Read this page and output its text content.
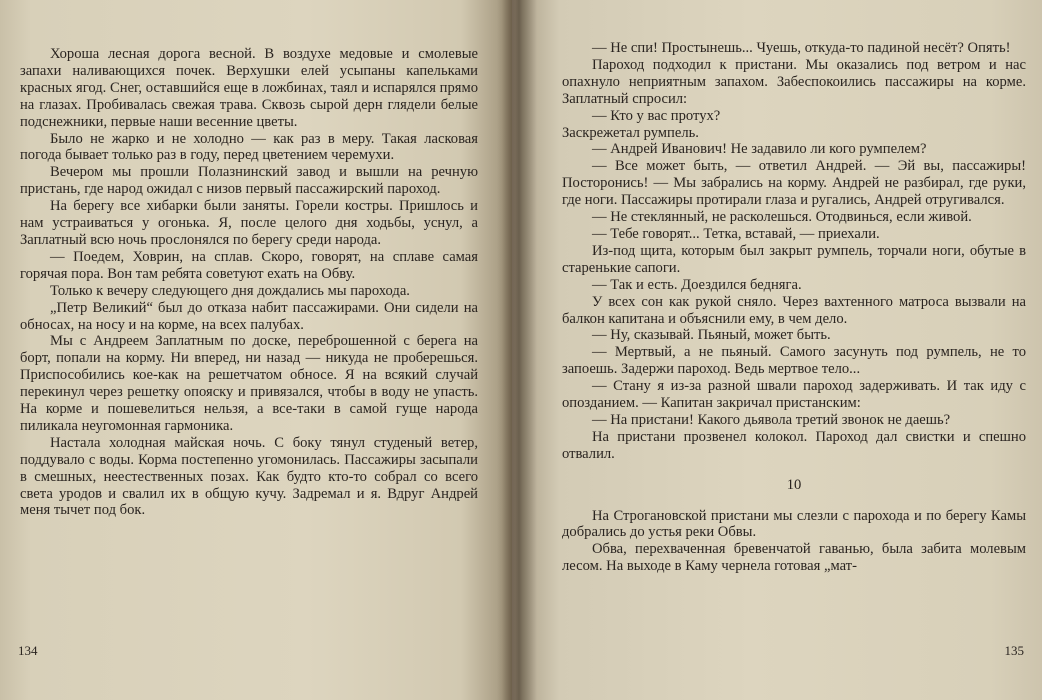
Хороша лесная дорога весной. В воздухе медовые и смолевые запахи наливающихся почек. Верхушки елей усыпаны капельками красных ягод. Снег, оставшийся еще в ложбинах, таял и испарялся прямо на глазах. Пробивалась свежая трава. Сквозь сырой дерн глядели белые подснежники, первые наши весенние цветы.

Было не жарко и не холодно — как раз в меру. Такая ласковая погода бывает только раз в году, перед цветением черемухи.

Вечером мы прошли Полазнинский завод и вышли на речную пристань, где народ ожидал с низов первый пассажирский пароход.

На берегу все хибарки были заняты. Горели костры. Пришлось и нам устраиваться у огонька. Я, после целого дня ходьбы, уснул, а Заплатный всю ночь прослонялся по берегу среди народа.

— Поедем, Ховрин, на сплав. Скоро, говорят, на сплаве самая горячая пора. Вон там ребята советуют ехать на Обву.

Только к вечеру следующего дня дождались мы парохода.

„Петр Великий“ был до отказа набит пассажирами. Они сидели на обносах, на носу и на корме, на всех палубах.

Мы с Андреем Заплатным по доске, переброшенной с берега на борт, попали на корму. Ни вперед, ни назад — никуда не проберешься. Приспособились кое-как на решетчатом обносе. Я на всякий случай перекинул через решетку опояску и привязался, чтобы в воду не упасть. На корме и пошевелиться нельзя, а все-таки в самой гуще народа пиликала неугомонная гармоника.

Настала холодная майская ночь. С боку тянул студеный ветер, поддувало с воды. Корма постепенно угомонилась. Пассажиры засыпали в смешных, неестественных позах. Как будто кто-то собрал со всего света уродов и свалил их в общую кучу. Задремал и я. Вдруг Андрей меня тычет под бок.

134

— Не спи! Простынешь... Чуешь, откуда-то падиной несёт? Опять!

Пароход подходил к пристани. Мы оказались под ветром и нас опахнуло неприятным запахом. Забеспокоились пассажиры на корме. Заплатный спросил:

— Кто у вас протух?

Заскрежетал румпель.

— Андрей Иванович! Не задавило ли кого румпелем?

— Все может быть, — ответил Андрей. — Эй вы, пассажиры! Посторонись! — Мы забрались на корму. Андрей не разбирал, где руки, где ноги. Пассажиры протирали глаза и ругались, Андрей отругивался.

— Не стеклянный, не расколешься. Отодвинься, если живой.

— Тебе говорят... Тетка, вставай, — приехали.

Из-под щита, которым был закрыт румпель, торчали ноги, обутые в старенькие сапоги.

— Так и есть. Доездился бедняга.

У всех сон как рукой сняло. Через вахтенного матроса вызвали на балкон капитана и объяснили ему, в чем дело.

— Ну, сказывай. Пьяный, может быть.

— Мертвый, а не пьяный. Самого засунуть под румпель, не то запоешь. Задержи пароход. Ведь мертвое тело...

— Стану я из-за разной швали пароход задерживать. И так иду с опозданием. — Капитан закричал пристанским:

— На пристани! Какого дьявола третий звонок не даешь?

На пристани прозвенел колокол. Пароход дал свистки и спешно отвалил.

10

На Строгановской пристани мы слезли с парохода и по берегу Камы добрались до устья реки Обвы.

Обва, перехваченная бревенчатой гаванью, была забита молевым лесом. На выходе в Каму чернела готовая „мат-

135
